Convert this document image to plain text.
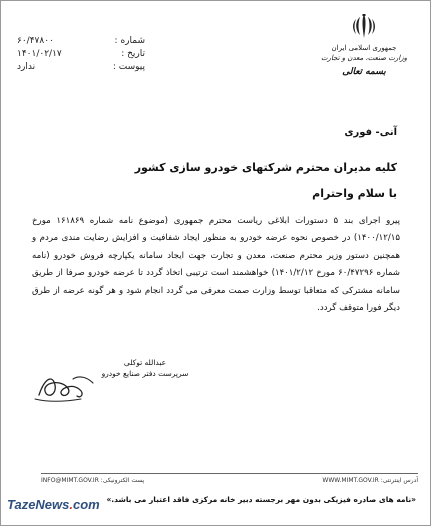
شماره :
۶۰/۴۷۸۰۰
تاریخ :
۱۴۰۱/۰۲/۱۷
پیوست :
ندارد
جمهوری اسلامی ایران
وزارت صنعت، معدن و تجارت
بسمه تعالی
آنی- فوری
کلیه مدیران محترم شرکتهای خودرو سازی کشور
با سلام واحترام
پیرو اجرای بند ۵ دستورات ابلاغی ریاست محترم جمهوری (موضوع نامه شماره ۱۶۱۸۶۹ مورخ ۱۴۰۰/۱۲/۱۵) در خصوص نحوه عرضه خودرو به منظور ایجاد شفافیت و افزایش رضایت مندی مردم و همچنین دستور وزیر محترم صنعت، معدن و تجارت جهت ایجاد سامانه یکپارچه فروش خودرو (نامه شماره ۶۰/۴۷۲۹۶ مورخ ۱۴۰۱/۲/۱۲) خواهشمند است ترتیبی اتخاذ گردد تا عرضه خودرو صرفا از طریق سامانه مشترکی که متعاقبا توسط وزارت صمت معرفی می گردد انجام شود و هر گونه عرضه از طرق دیگر فورا متوقف گردد.
عبدالله توکلی
سرپرست دفتر صنایع خودرو
آدرس اینترنتی: WWW.MIMT.GOV.IR
پست الکترونیکی: INFO@MIMT.GOV.IR
«نامه های صادره فیزیکی بدون مهر برجسته دبیر خانه مرکزی فاقد اعتبار می باشد.»
TazeNews.com
